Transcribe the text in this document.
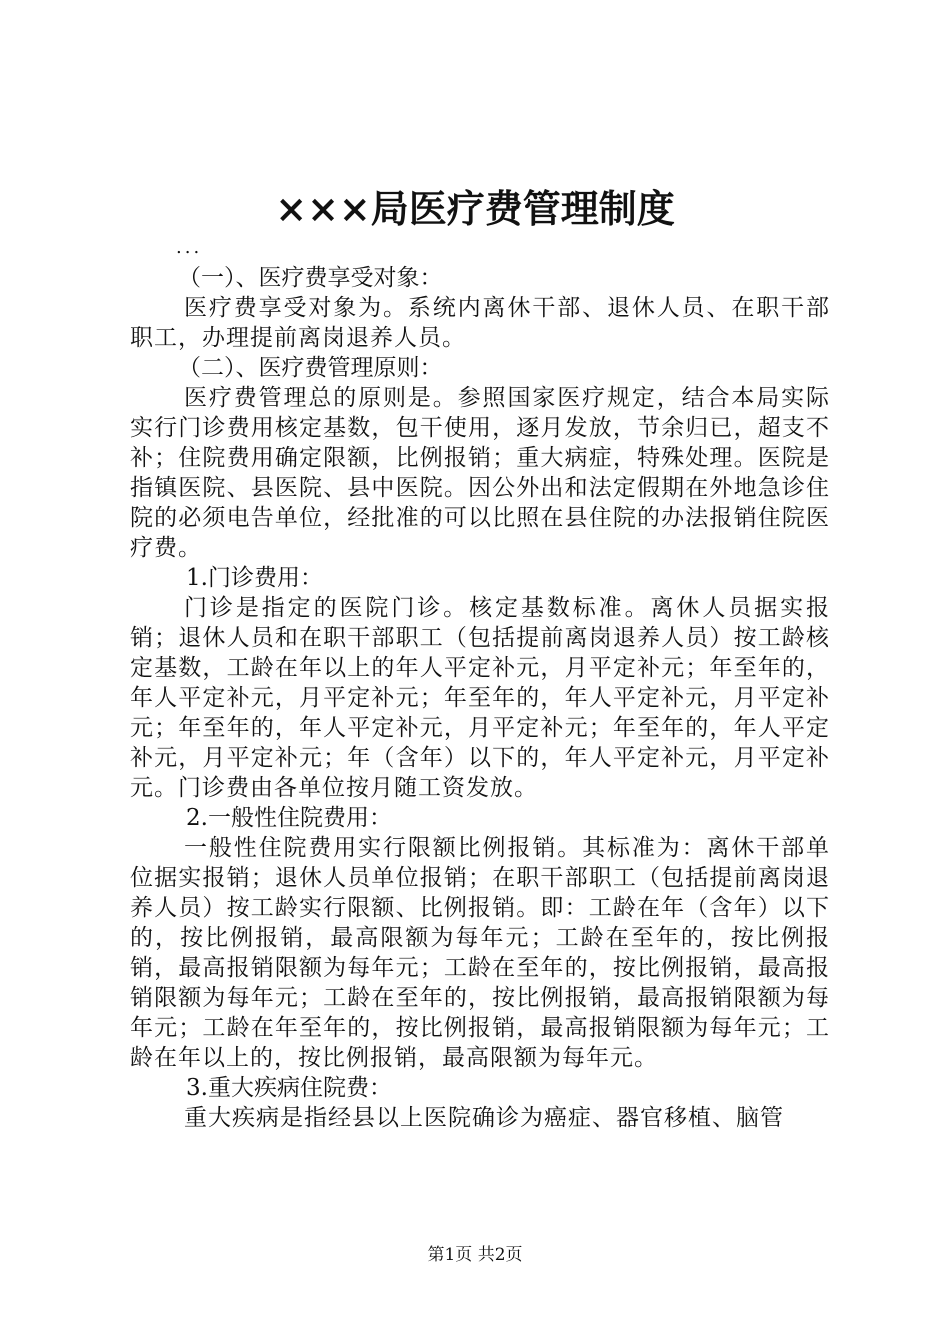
×××局医疗费管理制度
...

（一）、医疗费享受对象：

医疗费享受对象为。系统内离休干部、退休人员、在职干部职工，办理提前离岗退养人员。

（二）、医疗费管理原则：

医疗费管理总的原则是。参照国家医疗规定，结合本局实际实行门诊费用核定基数，包干使用，逐月发放，节余归已，超支不补；住院费用确定限额，比例报销；重大病症，特殊处理。医院是指镇医院、县医院、县中医院。因公外出和法定假期在外地急诊住院的必须电告单位，经批准的可以比照在县住院的办法报销住院医疗费。

1.门诊费用：

门诊是指定的医院门诊。核定基数标准。离休人员据实报销；退休人员和在职干部职工（包括提前离岗退养人员）按工龄核定基数，工龄在年以上的年人平定补元，月平定补元；年至年的，年人平定补元，月平定补元；年至年的，年人平定补元，月平定补元；年至年的，年人平定补元，月平定补元；年至年的，年人平定补元，月平定补元；年（含年）以下的，年人平定补元，月平定补元。门诊费由各单位按月随工资发放。

2.一般性住院费用：

一般性住院费用实行限额比例报销。其标准为：离休干部单位据实报销；退休人员单位报销；在职干部职工（包括提前离岗退养人员）按工龄实行限额、比例报销。即：工龄在年（含年）以下的，按比例报销，最高限额为每年元；工龄在至年的，按比例报销，最高报销限额为每年元；工龄在至年的，按比例报销，最高报销限额为每年元；工龄在至年的，按比例报销，最高报销限额为每年元；工龄在年至年的，按比例报销，最高报销限额为每年元；工龄在年以上的，按比例报销，最高限额为每年元。

3.重大疾病住院费：

重大疾病是指经县以上医院确诊为癌症、器官移植、脑管

第1页 共2页
